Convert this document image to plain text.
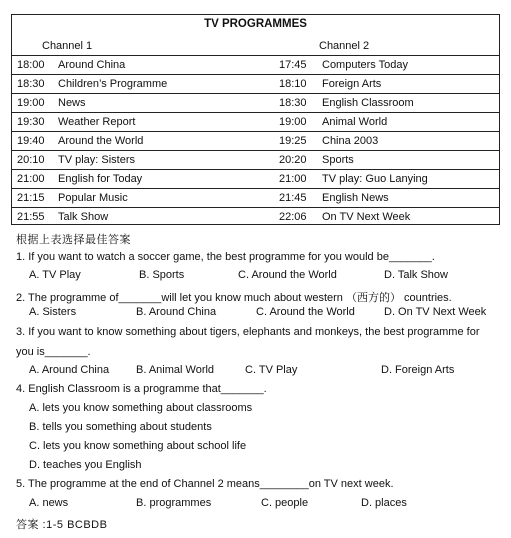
TV PROGRAMMES
Channel 1	Channel 2
18:00 Around China	17:45 Computers Today
18:30 Children’s Programme	18:10 Foreign Arts
19:00 News	18:30 English Classroom
19:30 Weather Report	19:00 Animal World
19:40 Around the World	19:25 China 2003
20:10 TV play: Sisters	20:20 Sports
21:00 English for Today	21:00 TV play: Guo Lanying
21:15 Popular Music	21:45 English News
21:55 Talk Show	22:06 On TV Next Week
根据上表选择最佳答案
1. If you want to watch a soccer game, the best programme for you would be_______.
A. TV Play	B. Sports	C. Around the World	D. Talk Show
2. The programme of_______will let you know much about western （西方的） countries.
A. Sisters	B. Around China	C. Around the World	D. On TV Next Week
3. If you want to know something about tigers, elephants and monkeys, the best programme for
you is_______.
A. Around China B. Animal World	C. TV Play	D. Foreign Arts
4. English Classroom is a programme that_______.
A. lets you know something about classrooms
B. tells you something about students
C. lets you know something about school life
D. teaches you English
5. The programme at the end of Channel 2 means________on TV next week.
A. news	B. programmes	C. people	D. places
答案 :1-5 BCBDB
